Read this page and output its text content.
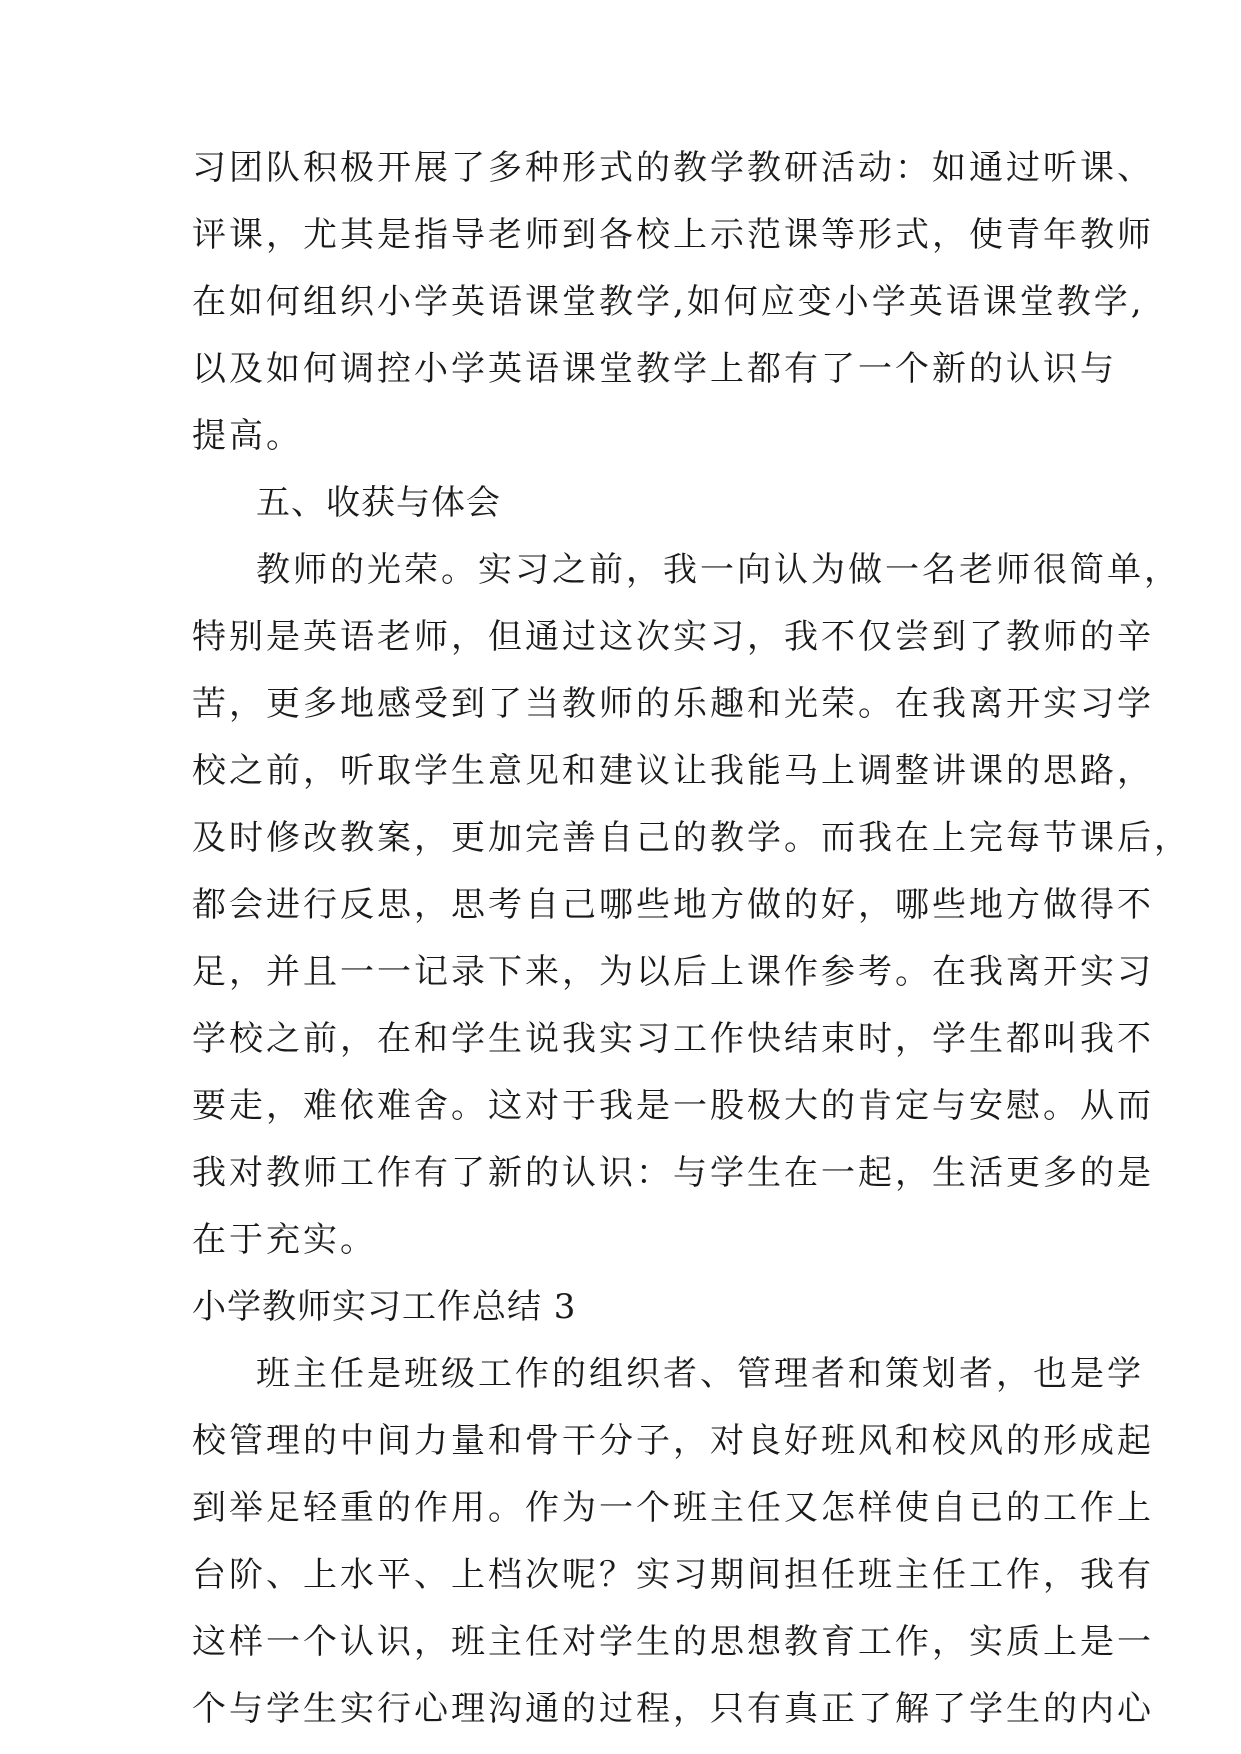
习团队积极开展了多种形式的教学教研活动：如通过听课、
评课，尤其是指导老师到各校上示范课等形式，使青年教师
在如何组织小学英语课堂教学,如何应变小学英语课堂教学,
以及如何调控小学英语课堂教学上都有了一个新的认识与
提高。
五、收获与体会
教师的光荣。实习之前，我一向认为做一名老师很简单，
特别是英语老师，但通过这次实习，我不仅尝到了教师的辛
苦，更多地感受到了当教师的乐趣和光荣。在我离开实习学
校之前，听取学生意见和建议让我能马上调整讲课的思路，
及时修改教案，更加完善自己的教学。而我在上完每节课后，
都会进行反思，思考自己哪些地方做的好，哪些地方做得不
足，并且一一记录下来，为以后上课作参考。在我离开实习
学校之前，在和学生说我实习工作快结束时，学生都叫我不
要走，难依难舍。这对于我是一股极大的肯定与安慰。从而
我对教师工作有了新的认识：与学生在一起，生活更多的是
在于充实。
小学教师实习工作总结 3
班主任是班级工作的组织者、管理者和策划者，也是学
校管理的中间力量和骨干分子，对良好班风和校风的形成起
到举足轻重的作用。作为一个班主任又怎样使自已的工作上
台阶、上水平、上档次呢？实习期间担任班主任工作，我有
这样一个认识，班主任对学生的思想教育工作，实质上是一
个与学生实行心理沟通的过程，只有真正了解了学生的内心
